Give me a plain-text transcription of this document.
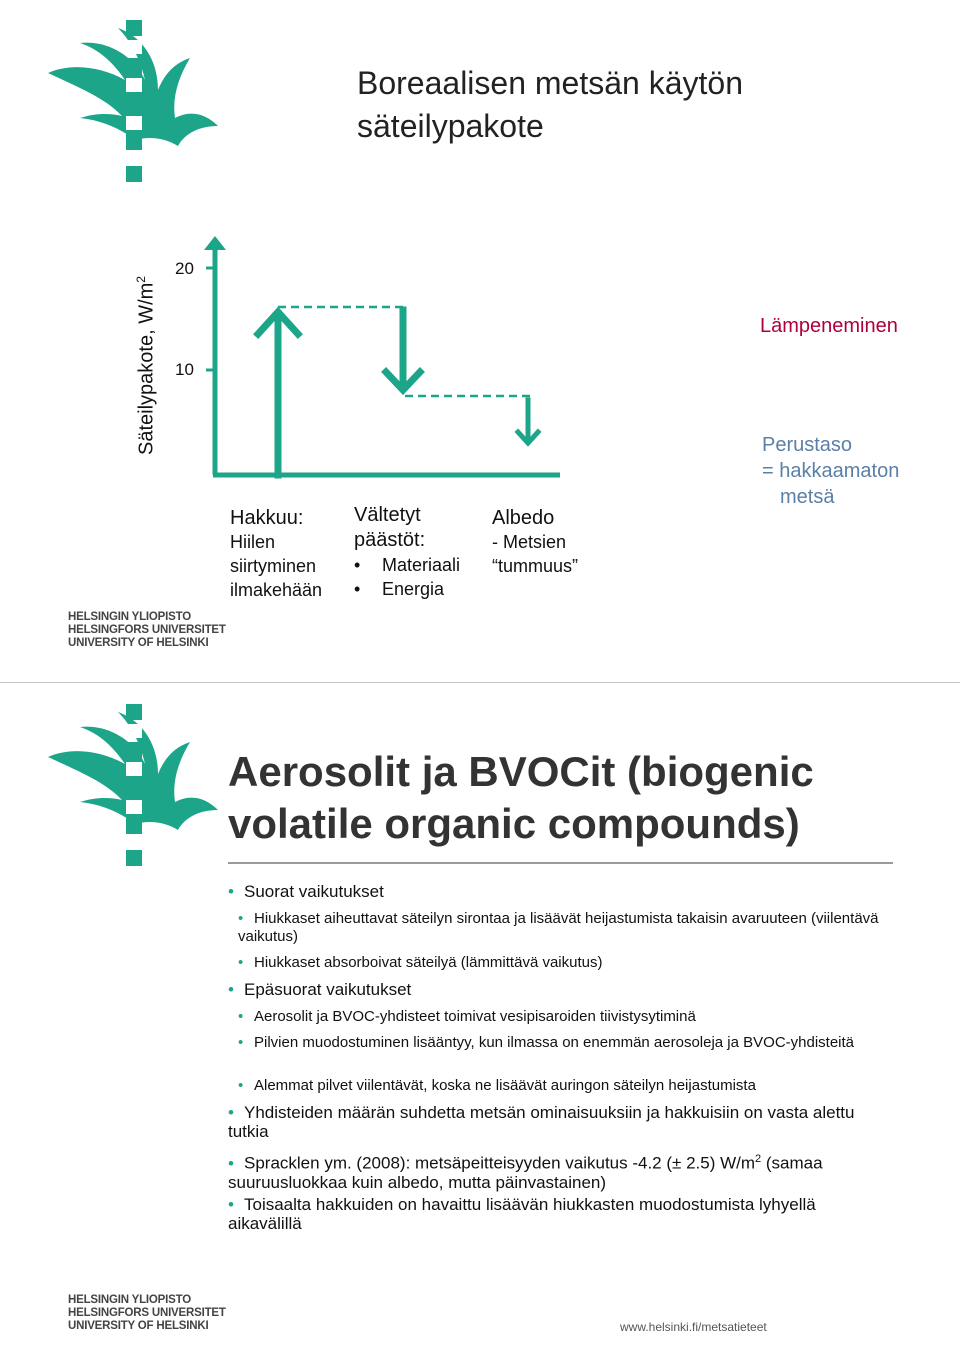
Boreaalisen metsän käytön
säteilypakote
Säteilypakote, $W/m^2$
20
10
Lämpeneminen
Perustaso
= hakkaamaton
metsä
Hakkuu:
Hiilen
siirtyminen
ilmakehään
Vältetyt
päästöt:
• Materiaali
• Energia
Albedo
- Metsien
“tummuus”
HELSINGIN YLIOPISTO
HELSINGFORS UNIVERSITET
UNIVERSITY OF HELSINKI
Aerosolit ja BVOCit (biogenic
volatile organic compounds)
• Suorat vaikutukset
• Hiukkaset aiheuttavat säteilyn sirontaa ja lisäävät heijastumista takaisin avaruuteen (viilentävä vaikutus)
• Hiukkaset absorboivat säteilyä (lämmittävä vaikutus)
• Epäsuorat vaikutukset
• Aerosolit ja BVOC-yhdisteet toimivat vesipisaroiden tiivistysytiminä
• Pilvien muodostuminen lisääntyy, kun ilmassa on enemmän aerosoleja ja BVOC-yhdisteitä
• Alemmat pilvet viilentävät, koska ne lisäävät auringon säteilyn heijastumista
• Yhdisteiden määrän suhdetta metsän ominaisuuksiin ja hakkuisiin on vasta alettu tutkia
• Spracklen ym. (2008): metsäpeitteisyyden vaikutus -4.2 (± 2.5) $W/m^2$ (samaa suuruusluokkaa kuin albedo, mutta päinvastainen)
• Toisaalta hakkuiden on havaittu lisäävän hiukkasten muodostumista lyhyellä aikavälillä
HELSINGIN YLIOPISTO
HELSINGFORS UNIVERSITET
UNIVERSITY OF HELSINKI	www.helsinki.fi/metsatieteet
